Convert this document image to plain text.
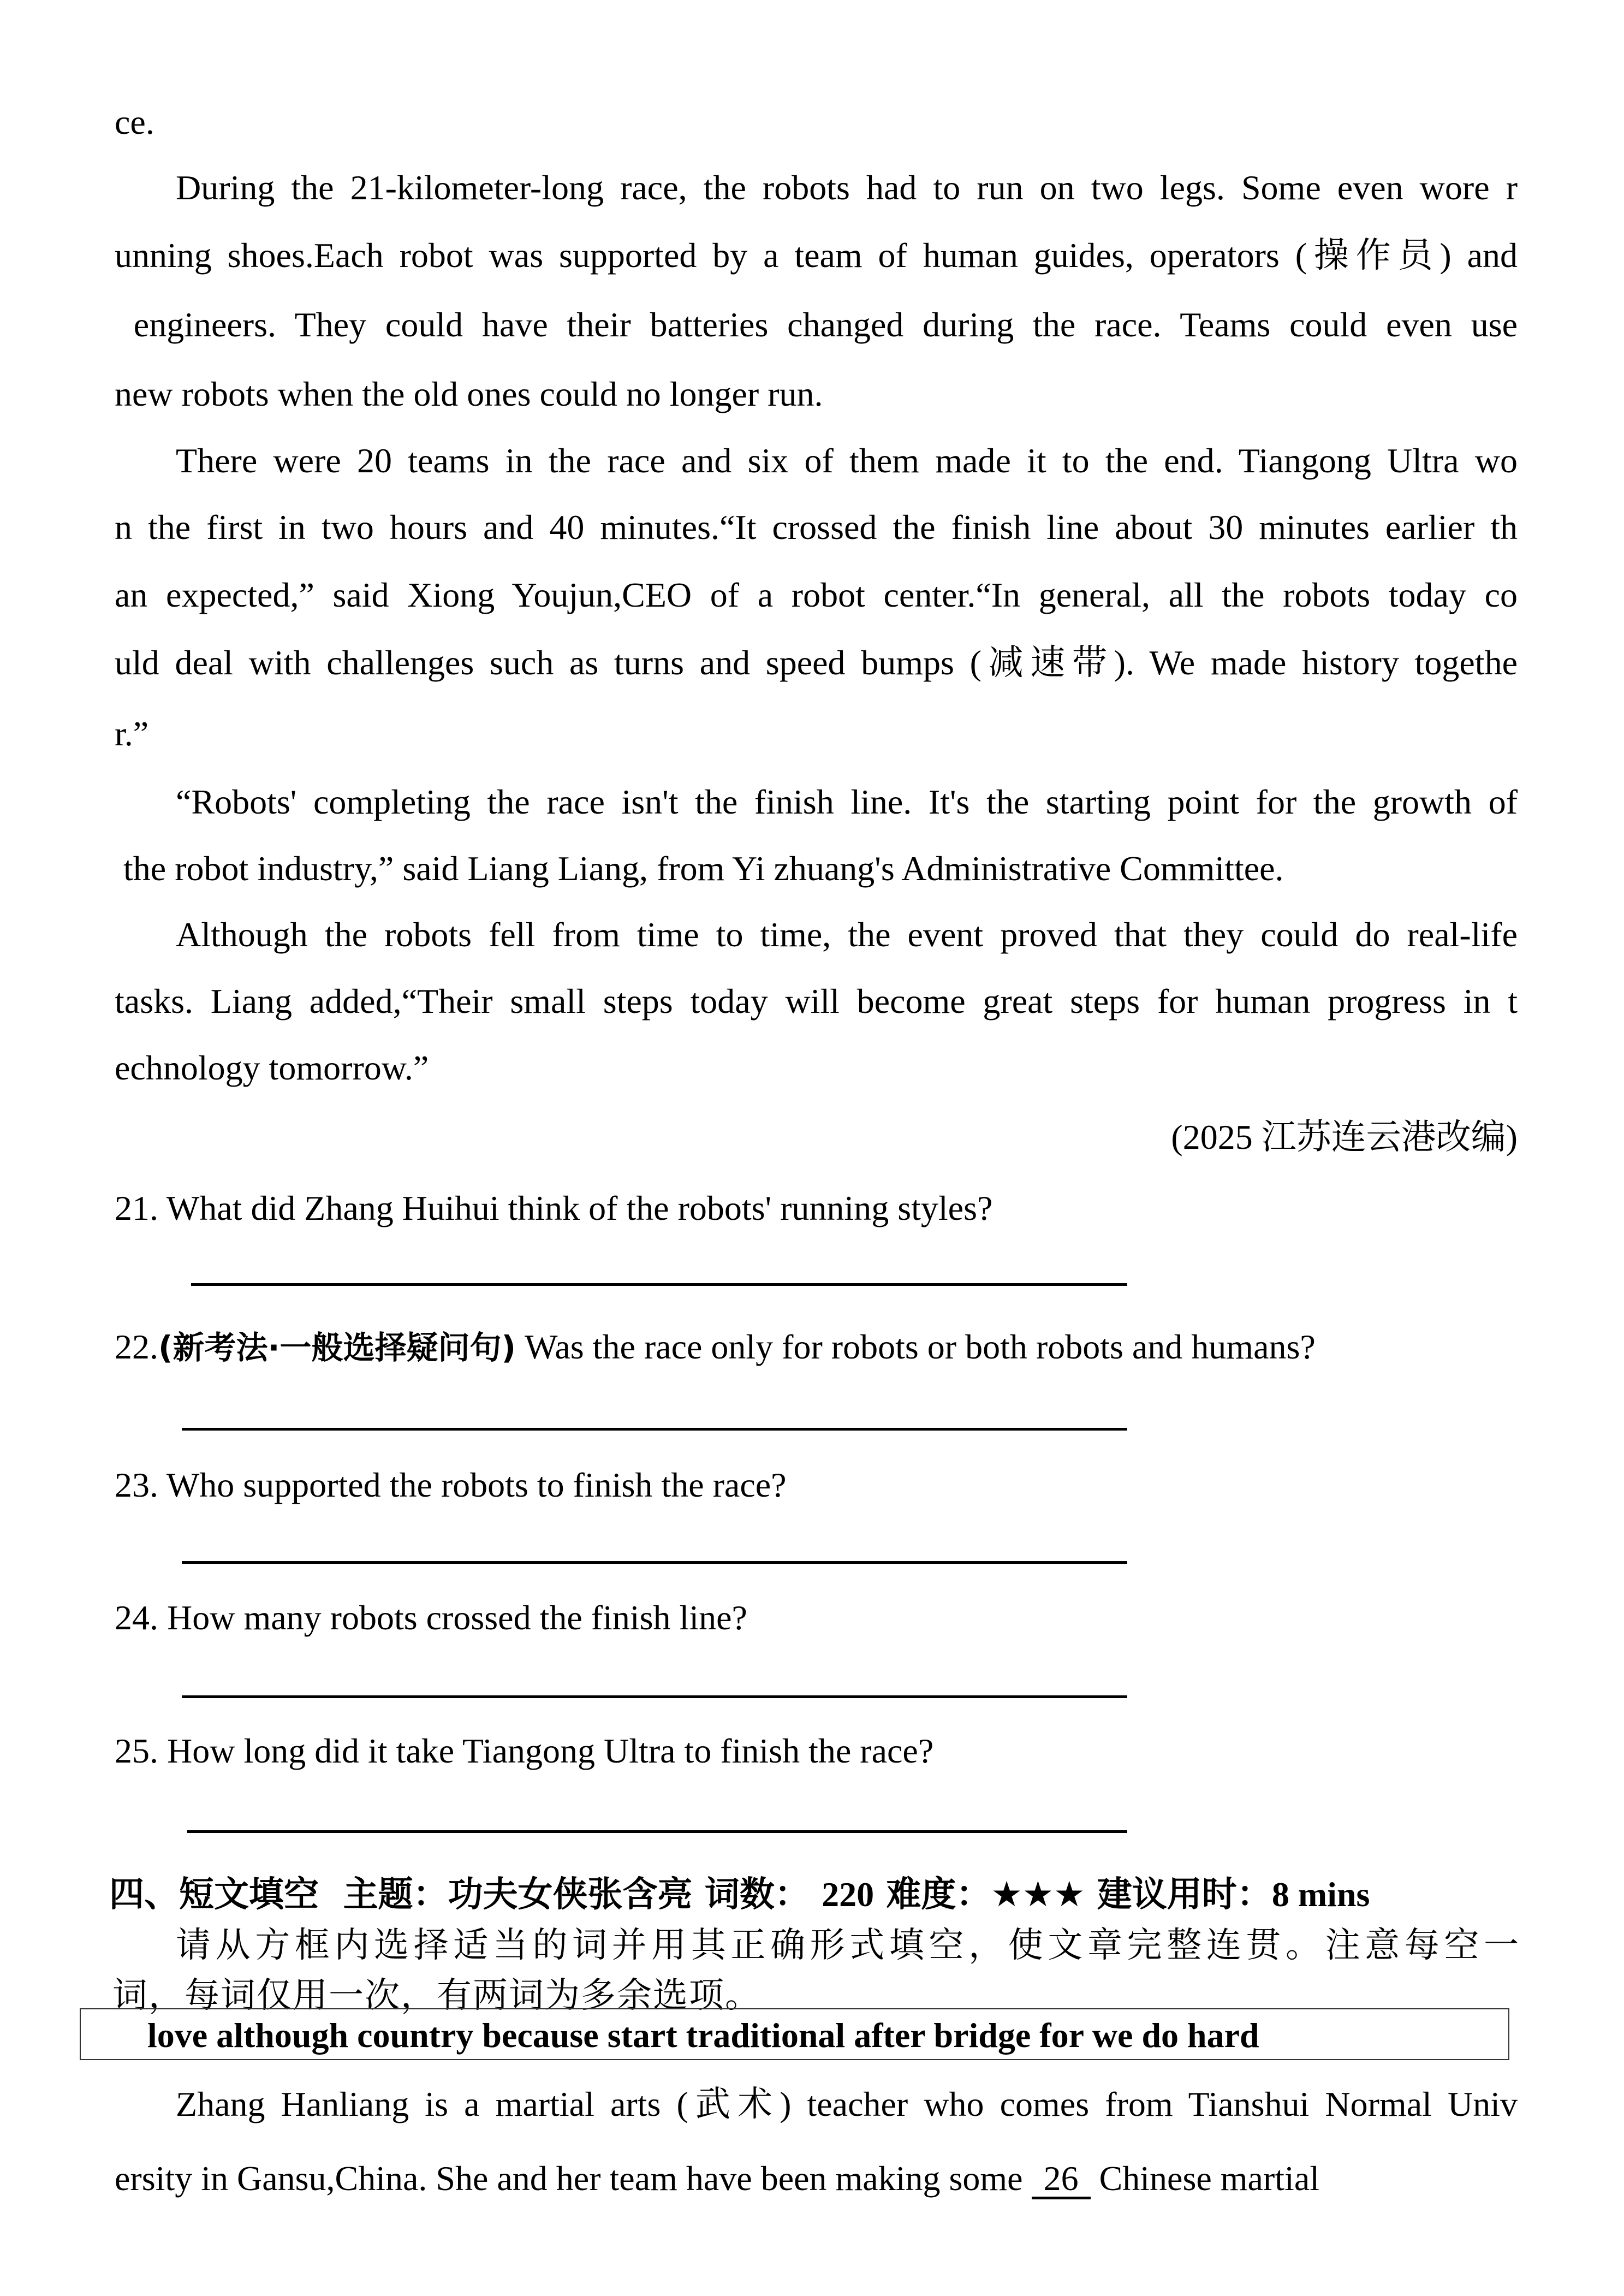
ce.

During the 21-kilometer-long race, the robots had to run on two legs. Some even wore r

unning shoes.Each robot was supported by a team of human guides, operators (操作员) and

engineers. They could have their batteries changed during the race. Teams could even use

new robots when the old ones could no longer run.

There were 20 teams in the race and six of them made it to the end. Tiangong Ultra wo

n the first in two hours and 40 minutes.“It crossed the finish line about 30 minutes earlier th

an expected,” said Xiong Youjun,CEO of a robot center.“In general, all the robots today co

uld deal with challenges such as turns and speed bumps (减速带). We made history togethe

r.”

“Robots' completing the race isn't the finish line. It's the starting point for the growth of

the robot industry,” said Liang Liang, from Yi zhuang's Administrative Committee.

Although the robots fell from time to time, the event proved that they could do real-life

tasks. Liang added,“Their small steps today will become great steps for human progress in t

echnology tomorrow.”

(2025 江苏连云港改编)
21. What did Zhang Huihui think of the robots' running styles?
22.(新考法·一般选择疑问句) Was the race only for robots or both robots and humans?
23. Who supported the robots to finish the race?
24. How many robots crossed the finish line?
25. How long did it take Tiangong Ultra to finish the race?
四、短文填空 主题：功夫女侠张含亮 词数： 220 难度：★★★ 建议用时：8 mins
请从方框内选择适当的词并用其正确形式填空，使文章完整连贯。注意每空一
词，每词仅用一次，有两词为多余选项。
love although country because start traditional after bridge for we do hard

Zhang Hanliang is a martial arts (武术) teacher who comes from Tianshui Normal Univ

ersity in Gansu,China. She and her team have been making some 26 Chinese martial
